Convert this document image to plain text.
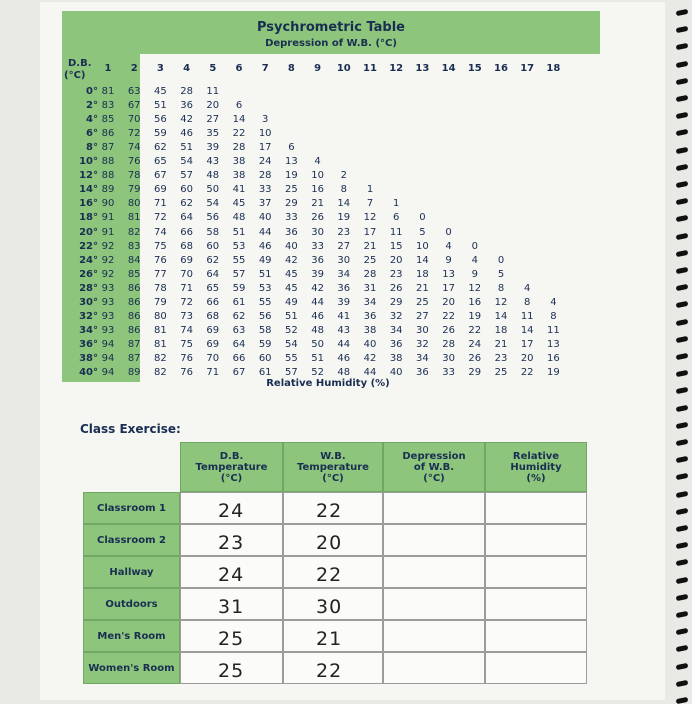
Psychrometric Table
Depression of W.B. (°C)
D.B.
(°C)
1	2	3	4	5	6	7	8	9	10	11	12	13	14	15	16	17	18
0° 81	63	45	28	11
2° 83	67	51	36	20	6
4° 85	70	56	42	27	14	3
6° 86	72	59	46	35	22	10
8° 87	74	62	51	39	28	17	6
10° 88	76	65	54	43	38	24	13	4
12° 88	78	67	57	48	38	28	19	10	2
14° 89	79	69	60	50	41	33	25	16	8	1
16° 90	80	71	62	54	45	37	29	21	14	7	1
18° 91	81	72	64	56	48	40	33	26	19	12	6	0
20° 91	82	74	66	58	51	44	36	30	23	17	11	5	0
22° 92	83	75	68	60	53	46	40	33	27	21	15	10	4	0
24° 92	84	76	69	62	55	49	42	36	30	25	20	14	9	4	0
26° 92	85	77	70	64	57	51	45	39	34	28	23	18	13	9	5
28° 93	86	78	71	65	59	53	45	42	36	31	26	21	17	12	8	4
30° 93	86	79	72	66	61	55	49	44	39	34	29	25	20	16	12	8	4
32° 93	86	80	73	68	62	56	51	46	41	36	32	27	22	19	14	11	8
34° 93	86	81	74	69	63	58	52	48	43	38	34	30	26	22	18	14	11
36° 94	87	81	75	69	64	59	54	50	44	40	36	32	28	24	21	17	13
38° 94	87	82	76	70	66	60	55	51	46	42	38	34	30	26	23	20	16
40° 94	89	82	76	71	67	61	57	52	48	44	40	36	33	29	25	22	19
Relative Humidity (%)
Class Exercise:
D.B.
Temperature
(°C)
W.B.
Temperature
(°C)
Depression
of W.B.
(°C)
Relative
Humidity
(%)
Classroom 1	24	22
Classroom 2	23	20
Hallway	24	22
Outdoors	31	30
Men's Room	25	21
Women's Room 25	22
